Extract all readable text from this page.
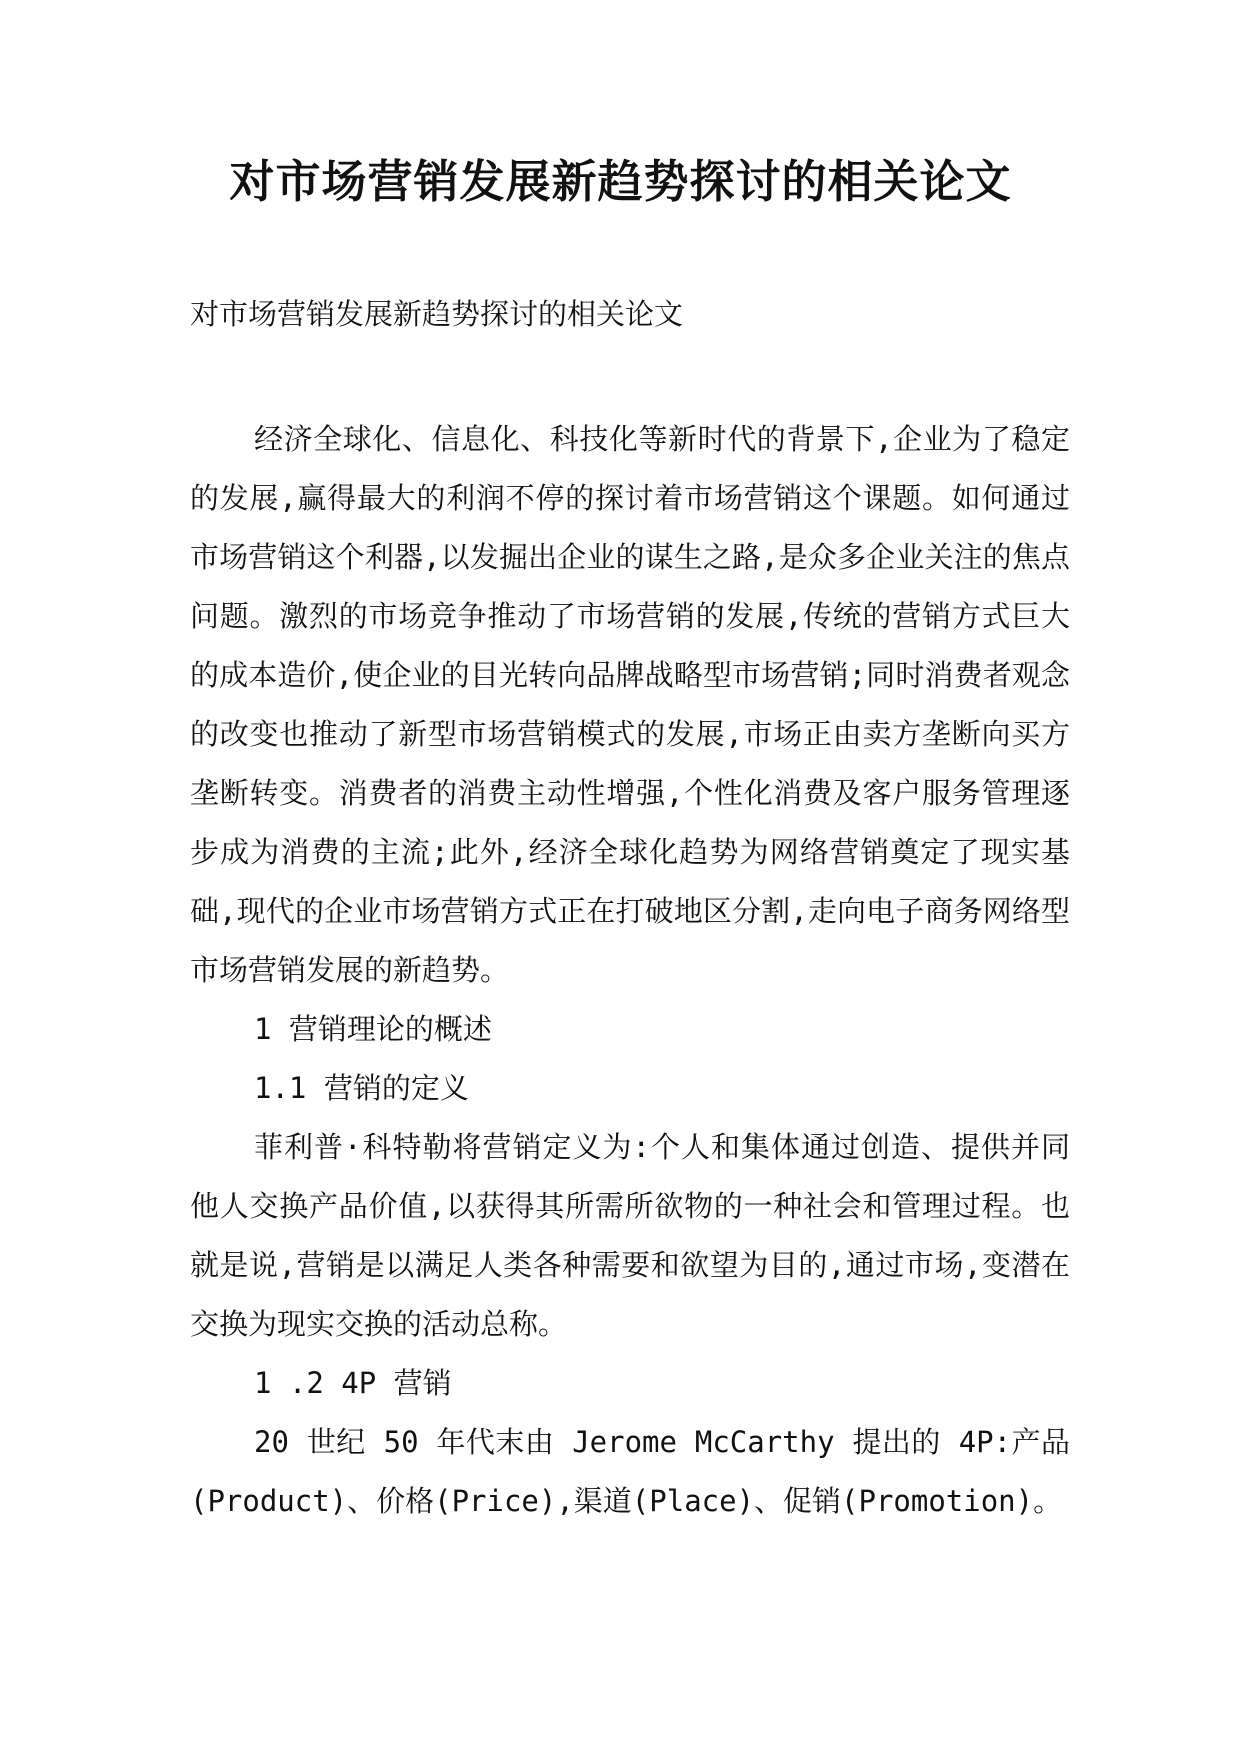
对市场营销发展新趋势探讨的相关论文

对市场营销发展新趋势探讨的相关论文

经济全球化、信息化、科技化等新时代的背景下,企业为了稳定的发展,赢得最大的利润不停的探讨着市场营销这个课题。如何通过市场营销这个利器,以发掘出企业的谋生之路,是众多企业关注的焦点问题。激烈的市场竞争推动了市场营销的发展,传统的营销方式巨大的成本造价,使企业的目光转向品牌战略型市场营销;同时消费者观念的改变也推动了新型市场营销模式的发展,市场正由卖方垄断向买方垄断转变。消费者的消费主动性增强,个性化消费及客户服务管理逐步成为消费的主流;此外,经济全球化趋势为网络营销奠定了现实基础,现代的企业市场营销方式正在打破地区分割,走向电子商务网络型市场营销发展的新趋势。

1 营销理论的概述

1.1 营销的定义

菲利普·科特勒将营销定义为:个人和集体通过创造、提供并同他人交换产品价值,以获得其所需所欲物的一种社会和管理过程。也就是说,营销是以满足人类各种需要和欲望为目的,通过市场,变潜在交换为现实交换的活动总称。

1 .2 4P 营销

20 世纪 50 年代末由 Jerome McCarthy 提出的 4P:产品(Product)、价格(Price),渠道(Place)、促销(Promotion)。
